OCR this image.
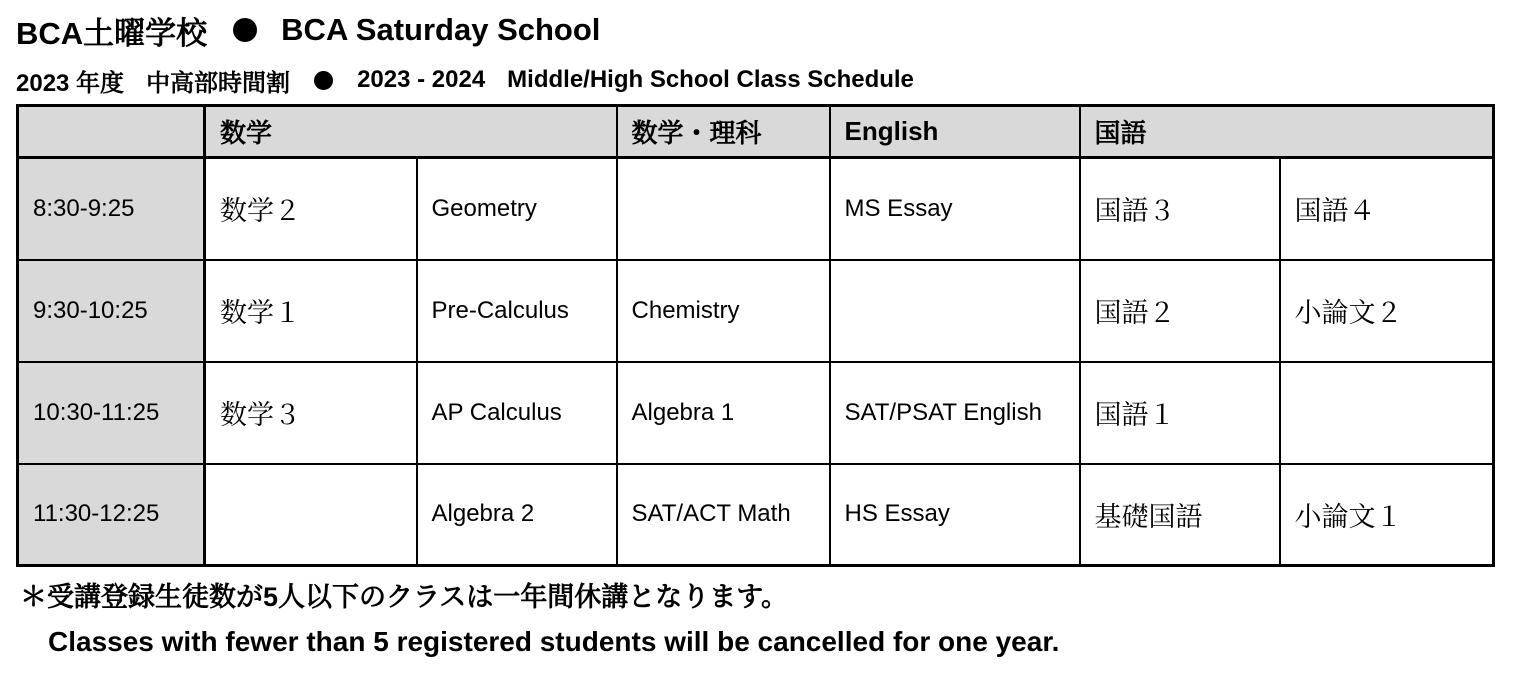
BCA土曜学校 BCA Saturday School
2023 年度 中高部時間割	2023 - 2024 Middle/High School Class Schedule
	数学		数学・理科	English	国語	
8:30-9:25	数学２	Geometry		MS Essay	国語３	国語４
9:30-10:25	数学１	Pre-Calculus	Chemistry		国語２	小論文２
10:30-11:25	数学３	AP Calculus	Algebra 1	SAT/PSAT English	国語１	
11:30-12:25		Algebra 2	SAT/ACT Math	HS Essay	基礎国語	小論文１
＊受講登録生徒数が5人以下のクラスは一年間休講となります。
Classes with fewer than 5 registered students will be cancelled for one year.
